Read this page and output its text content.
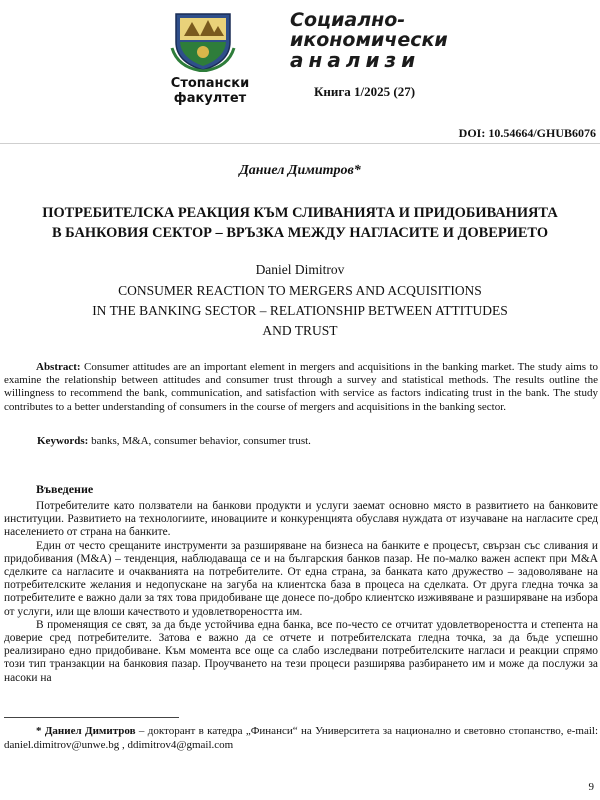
Стопански
факултет
Социално-
икономически
анализи
Книга 1/2025 (27)
DOI: 10.54664/GHUB6076
Даниел Димитров*
ПОТРЕБИТЕЛСКА РЕАКЦИЯ КЪМ СЛИВАНИЯТА И ПРИДОБИВАНИЯТА
В БАНКОВИЯ СЕКТОР – ВРЪЗКА МЕЖДУ НАГЛАСИТЕ И ДОВЕРИЕТО
Daniel Dimitrov
CONSUMER REACTION TO MERGERS AND ACQUISITIONS
IN THE BANKING SECTOR – RELATIONSHIP BETWEEN ATTITUDES
AND TRUST
Abstract: Consumer attitudes are an important element in mergers and acquisitions in the banking market. The study aims to examine the relationship between attitudes and consumer trust through a survey and statistical methods. The results outline the willingness to recommend the bank, communication, and satisfaction with service as factors indicating trust in the bank. The study contributes to a better understanding of consumers in the course of mergers and acquisitions in the banking sector.
Keywords: banks, M&A, consumer behavior, consumer trust.
Въведение

Потребителите като ползватели на банкови продукти и услуги заемат основно място в развитието на банковите институции. Развитието на технологиите, иновациите и конкуренцията обуславя нуждата от изучаване на нагласите сред населението от страна на банките.

Един от често срещаните инструменти за разширяване на бизнеса на банките е процесът, свързан със сливания и придобивания (M&A) – тенденция, наблюдаваща се и на българския банков пазар. Не по-малко важен аспект при M&A сделките са нагласите и очакванията на потребителите. От една страна, за банката като дружество – задоволяване на потребителските желания и недопускане на загуба на клиентска база в процеса на сделката. От друга гледна точка за потребителите е важно дали за тях това придобиване ще донесе по-добро клиентско изживяване и разширяване на избора от услуги, или ще влоши качеството и удовлетвореността им.

В променящия се свят, за да бъде устойчива една банка, все по-често се отчитат удовлетвореността и степента на доверие сред потребителите. Затова е важно да се отчете и потребителската гледна точка, за да бъде успешно реализирано едно придобиване. Към момента все още са слабо изследвани потребителските нагласи и реакции спрямо този тип транзакции на банковия пазар. Проучването на тези процеси разширява разбирането им и може да послужи за насоки на

* Даниел Димитров – докторант в катедра „Финанси“ на Университета за национално и световно стопанство, e-mail: daniel.dimitrov@unwe.bg , ddimitrov4@gmail.com
9
